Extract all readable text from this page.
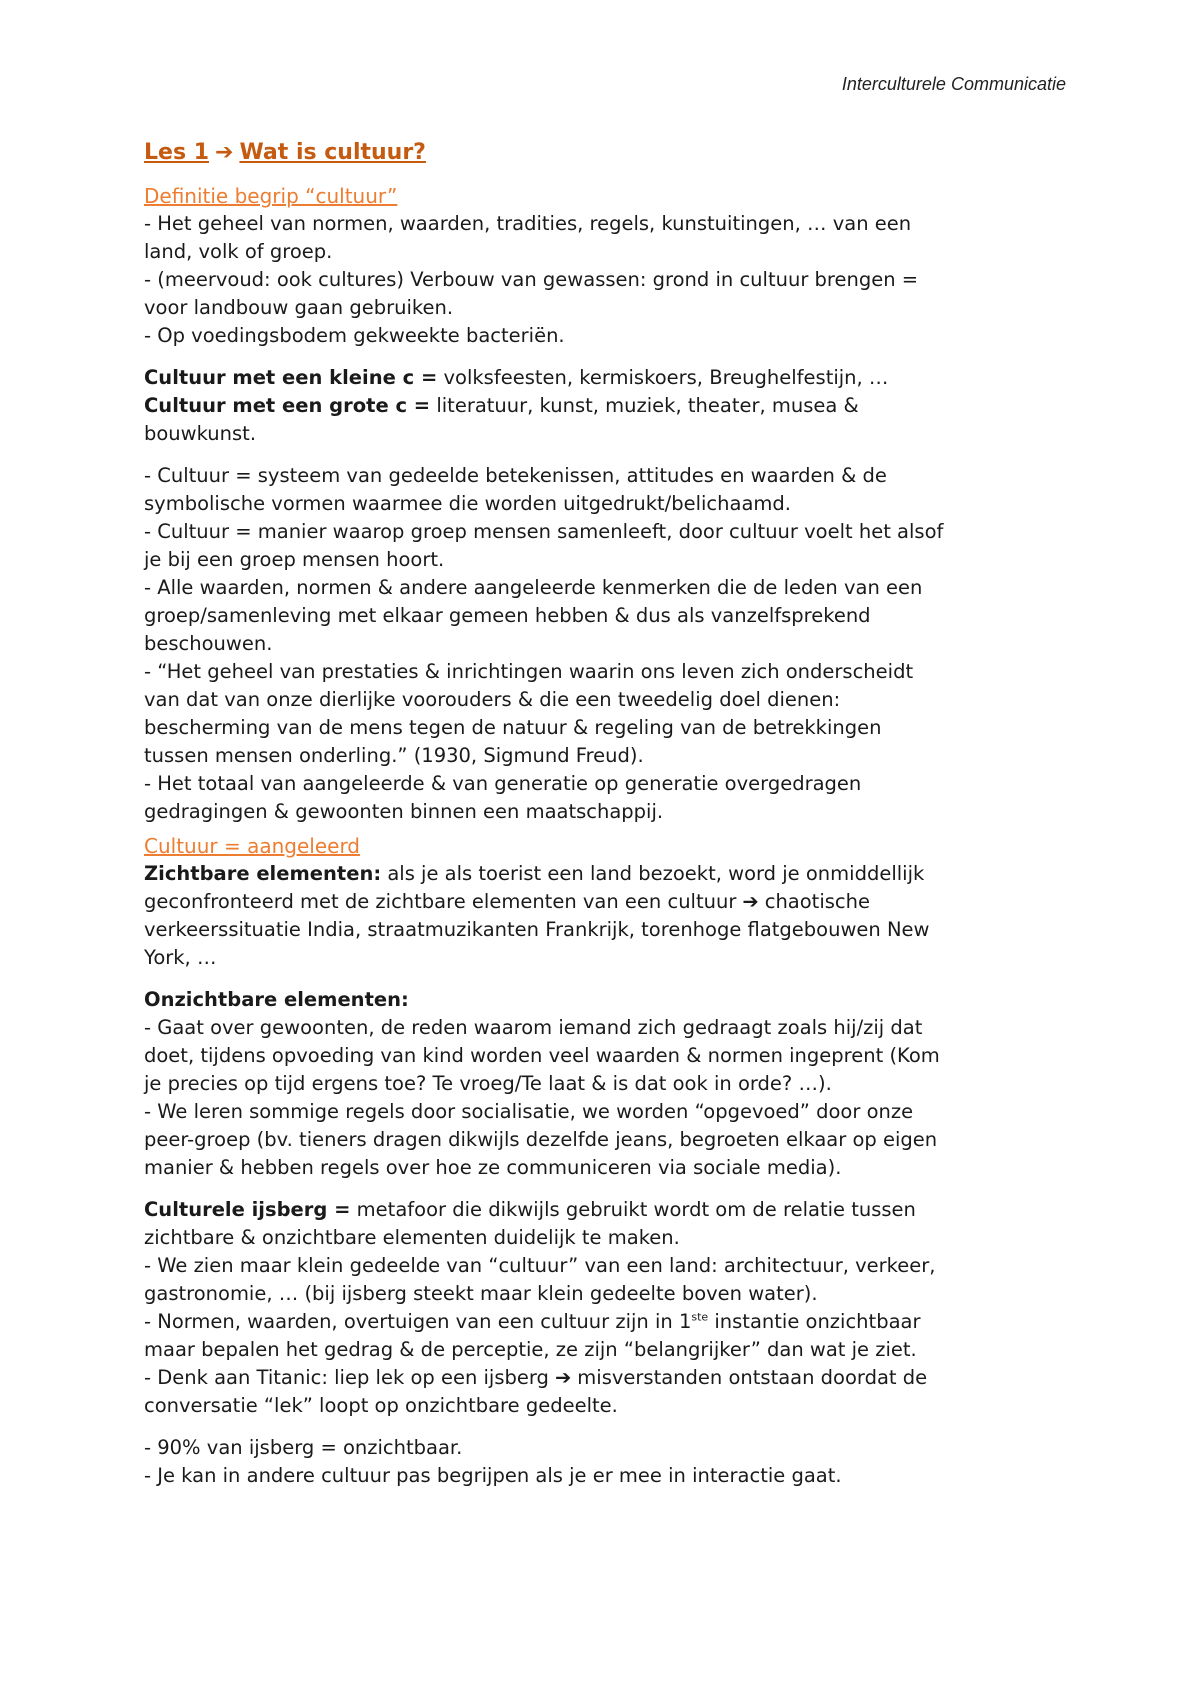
Interculturele Communicatie
Les 1 ➔ Wat is cultuur?
Definitie begrip “cultuur”
- Het geheel van normen, waarden, tradities, regels, kunstuitingen, … van een
land, volk of groep.
- (meervoud: ook cultures) Verbouw van gewassen: grond in cultuur brengen =
voor landbouw gaan gebruiken.
- Op voedingsbodem gekweekte bacteriën.
Cultuur met een kleine c = volksfeesten, kermiskoers, Breughelfestijn, …
Cultuur met een grote c = literatuur, kunst, muziek, theater, musea &
bouwkunst.
- Cultuur = systeem van gedeelde betekenissen, attitudes en waarden & de
symbolische vormen waarmee die worden uitgedrukt/belichaamd.
- Cultuur = manier waarop groep mensen samenleeft, door cultuur voelt het alsof
je bij een groep mensen hoort.
- Alle waarden, normen & andere aangeleerde kenmerken die de leden van een
groep/samenleving met elkaar gemeen hebben & dus als vanzelfsprekend
beschouwen.
- “Het geheel van prestaties & inrichtingen waarin ons leven zich onderscheidt
van dat van onze dierlijke voorouders & die een tweedelig doel dienen:
bescherming van de mens tegen de natuur & regeling van de betrekkingen
tussen mensen onderling.” (1930, Sigmund Freud).
- Het totaal van aangeleerde & van generatie op generatie overgedragen
gedragingen & gewoonten binnen een maatschappij.
Cultuur = aangeleerd
Zichtbare elementen: als je als toerist een land bezoekt, word je onmiddellijk
geconfronteerd met de zichtbare elementen van een cultuur ➔ chaotische
verkeerssituatie India, straatmuzikanten Frankrijk, torenhoge flatgebouwen New
York, …
Onzichtbare elementen:
- Gaat over gewoonten, de reden waarom iemand zich gedraagt zoals hij/zij dat
doet, tijdens opvoeding van kind worden veel waarden & normen ingeprent (Kom
je precies op tijd ergens toe? Te vroeg/Te laat & is dat ook in orde? …).
- We leren sommige regels door socialisatie, we worden “opgevoed” door onze
peer-groep (bv. tieners dragen dikwijls dezelfde jeans, begroeten elkaar op eigen
manier & hebben regels over hoe ze communiceren via sociale media).
Culturele ijsberg = metafoor die dikwijls gebruikt wordt om de relatie tussen
zichtbare & onzichtbare elementen duidelijk te maken.
- We zien maar klein gedeelde van “cultuur” van een land: architectuur, verkeer,
gastronomie, … (bij ijsberg steekt maar klein gedeelte boven water).
- Normen, waarden, overtuigen van een cultuur zijn in 1ste instantie onzichtbaar
maar bepalen het gedrag & de perceptie, ze zijn “belangrijker” dan wat je ziet.
- Denk aan Titanic: liep lek op een ijsberg ➔ misverstanden ontstaan doordat de
conversatie “lek” loopt op onzichtbare gedeelte.
- 90% van ijsberg = onzichtbaar.
- Je kan in andere cultuur pas begrijpen als je er mee in interactie gaat.
